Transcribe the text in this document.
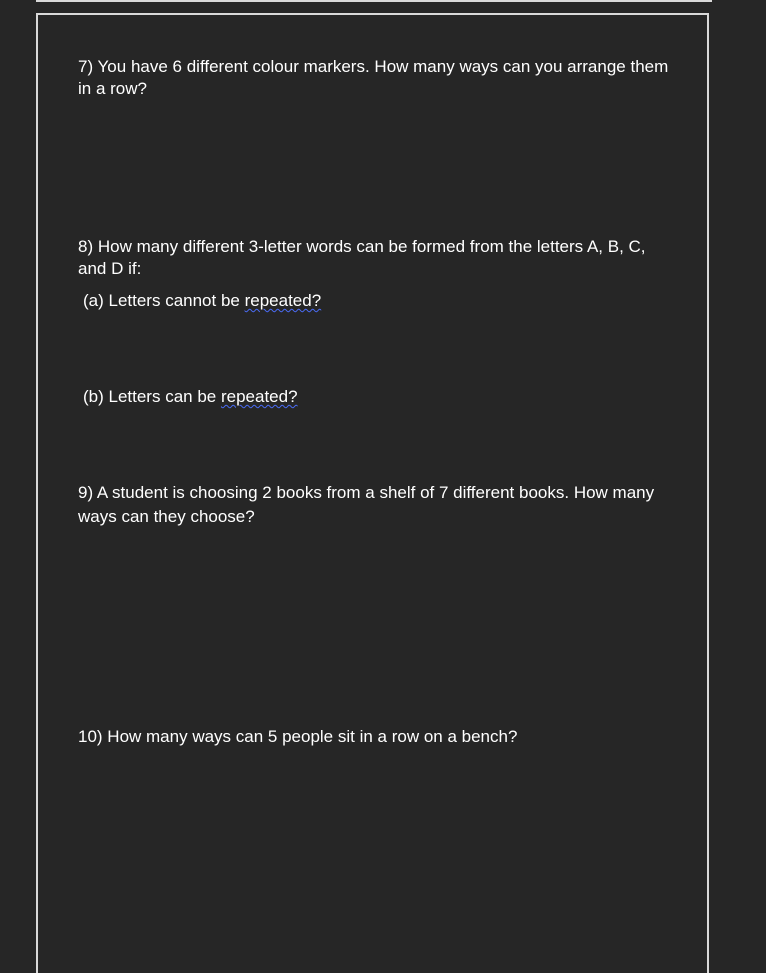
7) You have 6 different colour markers. How many ways can you arrange them in a row?

8) How many different 3-letter words can be formed from the letters A, B, C, and D if:

(a) Letters cannot be repeated?

(b) Letters can be repeated?

9) A student is choosing 2 books from a shelf of 7 different books. How many ways can they choose?

10) How many ways can 5 people sit in a row on a bench?
